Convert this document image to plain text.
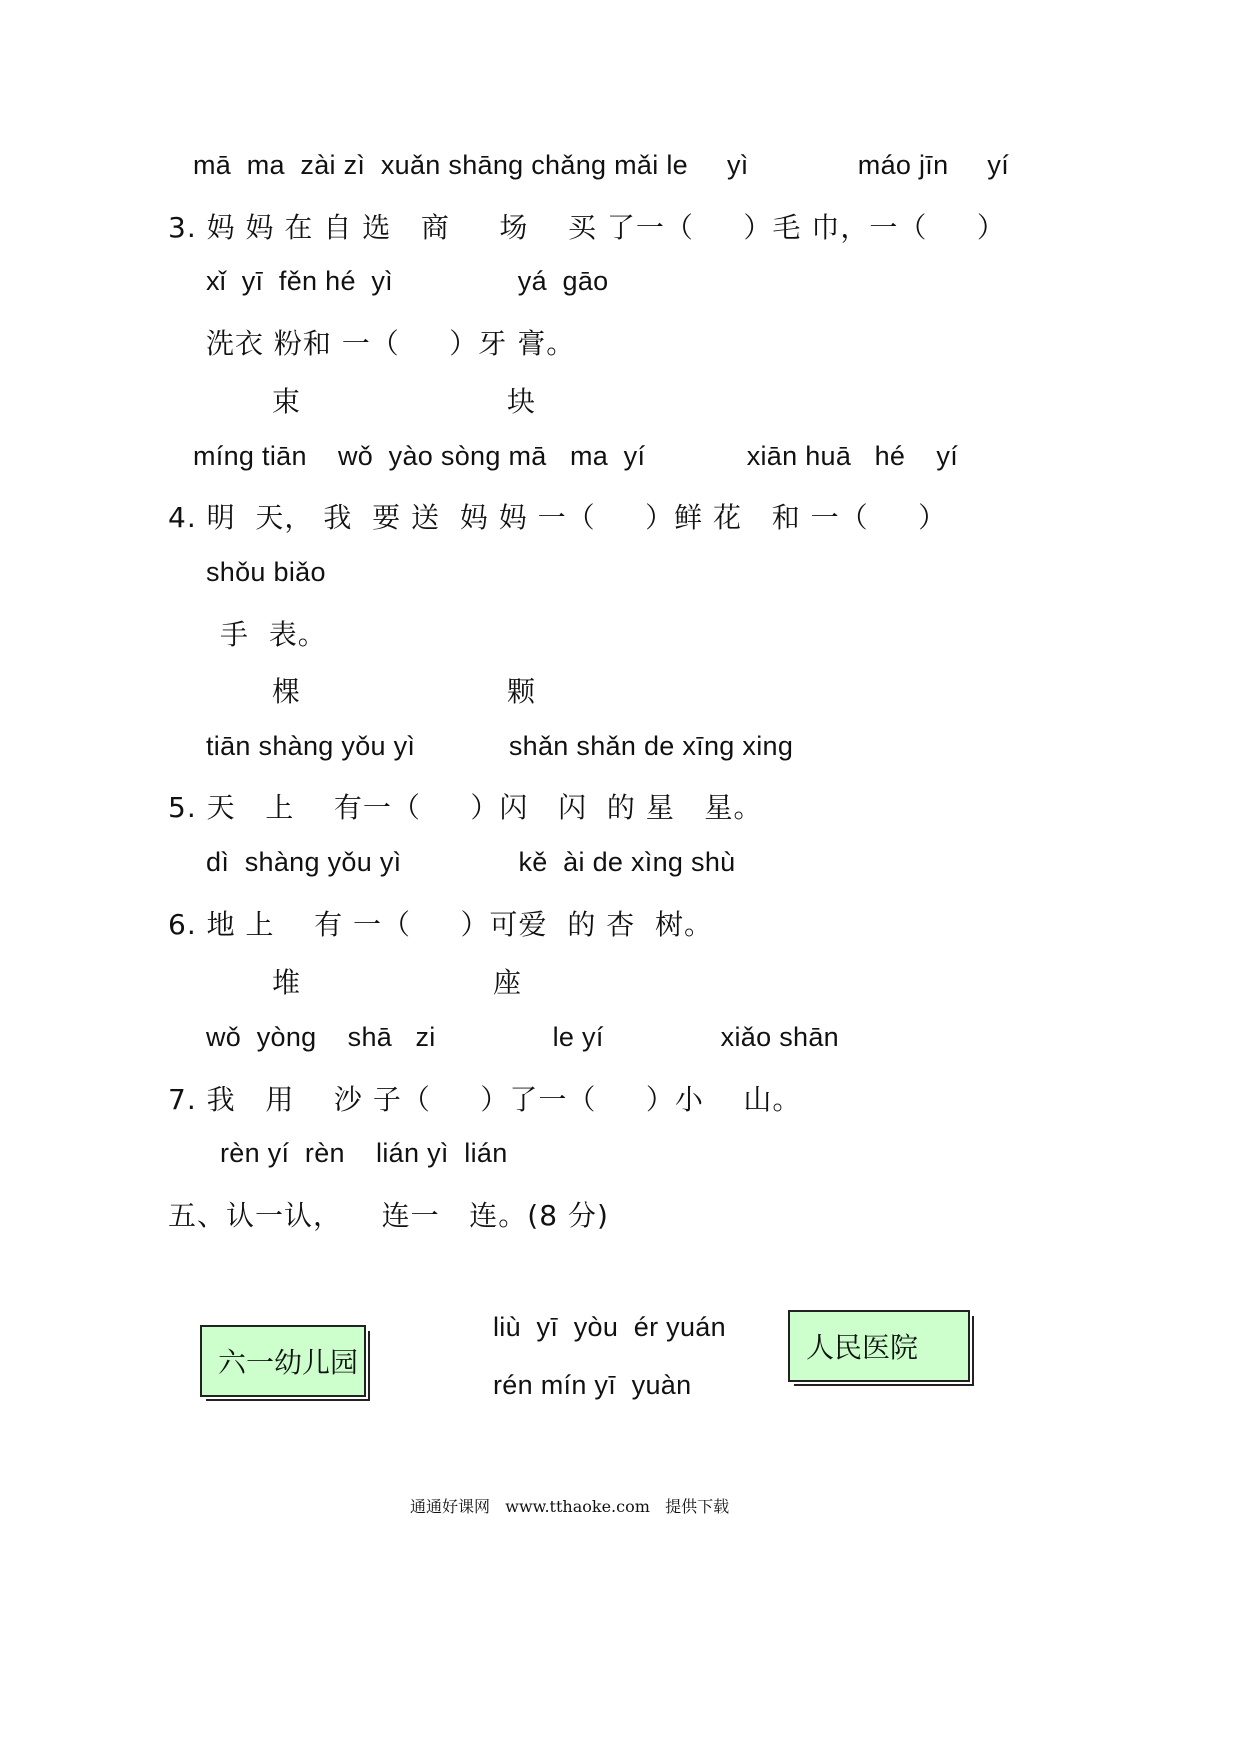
mā  ma  zài zì  xuǎn shāng chǎng mǎi le     yì              máo jīn     yí
3. 妈 妈 在 自 选   商     场    买 了一（     ）毛 巾，一（     ）
xǐ  yī  fěn hé  yì                yá  gāo
洗衣 粉和 一（     ）牙 膏。
束	块
míng tiān    wǒ  yào sòng mā   ma  yí             xiān huā   hé    yí
4. 明  天， 我  要 送  妈 妈 一（     ）鲜 花   和 一（     ）
shǒu biǎo
手  表。
棵	颗
tiān shàng yǒu yì            shǎn shǎn de xīng xing
5. 天   上    有一（     ）闪   闪  的 星   星。
dì  shàng yǒu yì               kě  ài de xìng shù
6. 地 上    有 一（     ）可爱  的 杏  树。
堆	座
wǒ  yòng    shā   zi               le yí               xiǎo shān
7. 我   用    沙 子（     ）了一（     ）小    山。
rèn yí  rèn    lián yì  lián
五、认一认，    连一   连。(8 分)
六一幼儿园
liù  yī  yòu  ér yuán
rén mín yī  yuàn
人民医院
通通好课网   www.tthaoke.com   提供下载
